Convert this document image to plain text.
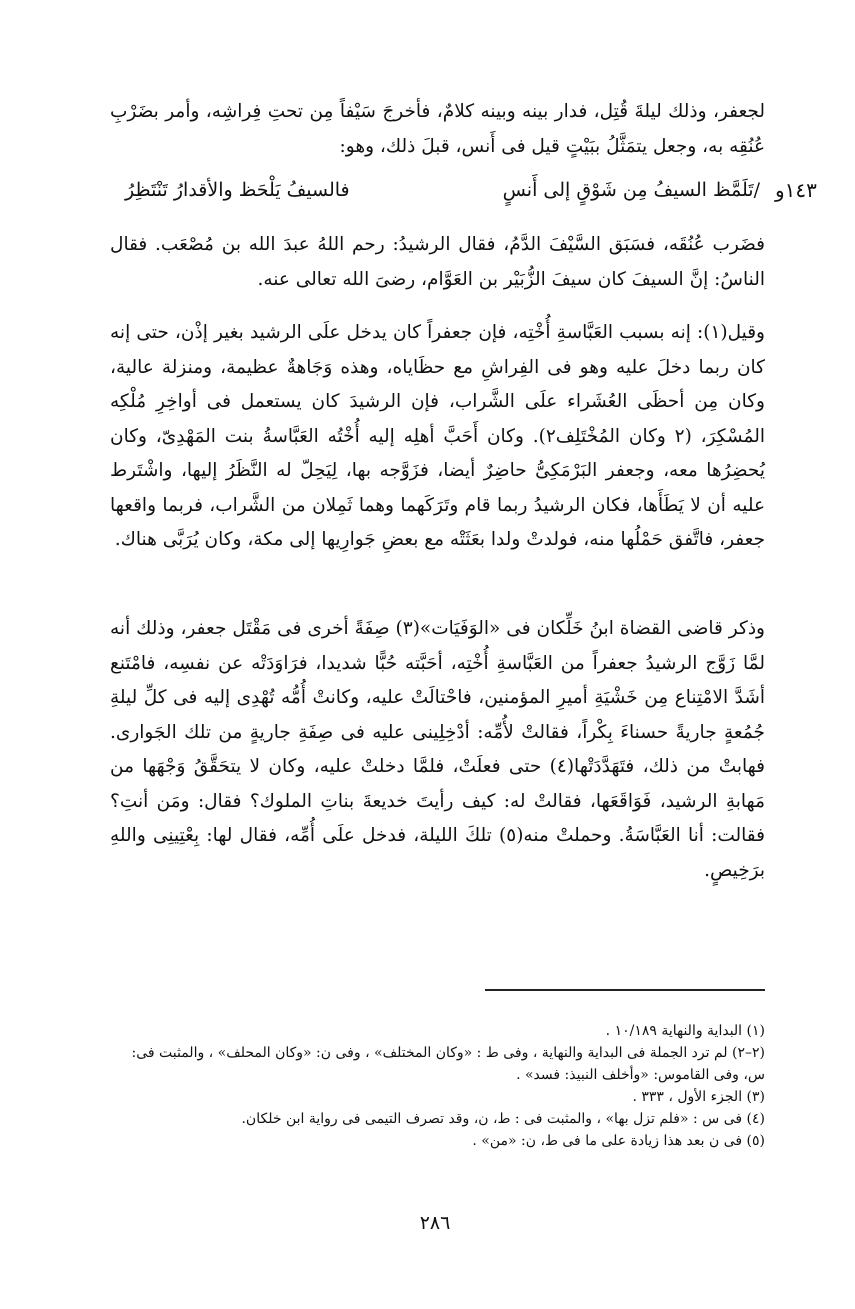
لجعفر، وذلك ليلةَ قُتِل، فدار بينه وبينه كلامٌ، فأخرجَ سَيْفاً مِن تحتِ فِراشِه، وأمر بضَرْبِ عُنُقِه به، وجعل يتمَثَّلُ ببَيْتٍ قيل فى أَنس، قبلَ ذلك، وهو:
١٤٣و
/تَلَمَّظ السيفُ مِن شَوْقٍ إلى أَنسٍ
فالسيفُ يَلْحَظ والأقدارُ تَنْتَظِرُ
فضَرب عُنُقَه، فسَبَق السَّيْفَ الدَّمُ، فقال الرشيدُ: رحم اللهُ عبدَ الله بن مُصْعَب. فقال الناسُ: إنَّ السيفَ كان سيفَ الزُّبَيْر بن العَوَّام، رضىَ الله تعالى عنه.
وقيل(١): إنه بسبب العَبَّاسةِ أُخْتِه، فإن جعفراً كان يدخل علَى الرشيد بغير إذْن، حتى إنه كان ربما دخلَ عليه وهو فى الفِراشِ مع حظَاياه، وهذه وَجَاهةٌ عظيمة، ومنزلة عالية، وكان مِن أحظَى العُشَراء علَى الشَّراب، فإن الرشيدَ كان يستعمل فى أواخِرِ مُلْكِه المُسْكِرَ، (٢ وكان المُخْتَلِف٢). وكان أَحَبَّ أهلِه إليه أُخْتُه العَبَّاسةُ بنت المَهْدِىّ، وكان يُحضِرُها معه، وجعفر البَرْمَكِىُّ حاضِرٌ أيضا، فزَوَّجه بها، لِيَحِلّ له النَّظَرُ إليها، واشْتَرط عليه أن لا يَطَأَها، فكان الرشيدُ ربما قام وتَرَكَهما وهما ثَمِلان من الشَّراب، فربما واقعها جعفر، فاتَّفق حَمْلُها منه، فولدتْ ولدا بعَثَتْه مع بعضِ جَوارِيها إلى مكة، وكان يُرَبَّى هناك.
وذكر قاضى القضاة ابنُ خَلِّكان فى «الوَفَيَات»(٣) صِفَةً أخرى فى مَقْتَل جعفر، وذلك أنه لمَّا زَوَّج الرشيدُ جعفراً من العَبَّاسةِ أُخْتِه، أحَبَّته حُبًّا شديدا، فرَاوَدَتْه عن نفسِه، فامْتَنع أشَدَّ الامْتِناع مِن خَشْيَةِ أميرِ المؤمنين، فاحْتالَتْ عليه، وكانتْ أُمُّه تُهْدِى إليه فى كلِّ ليلةِ جُمُعةٍ جاريةً حسناءَ بِكْراً، فقالتْ لأُمِّه: أدْخِلِينى عليه فى صِفَةِ جاريةٍ من تلك الجَوارى. فهابتْ من ذلك، فتَهَدَّدَتْها(٤) حتى فعلَتْ، فلمَّا دخلتْ عليه، وكان لا يتحَقَّقُ وَجْهَها من مَهابةِ الرشيد، فَوَاقَعَها، فقالتْ له: كيف رأيتَ خديعةَ بناتِ الملوك؟ فقال: ومَن أنتِ؟ فقالت: أنا العَبَّاسَةُ. وحملتْ منه(٥) تلكَ الليلة، فدخل علَى أُمِّه، فقال لها: بِعْتِينِى واللهِ برَخِيصٍ.
(١) البداية والنهاية ١٠/١٨٩ .
(٢–٢) لم ترد الجملة فى البداية والنهاية ، وفى ط : «وكان المختلف» ، وفى ن: «وكان المحلف» ، والمثبت فى: س، وفى القاموس: «وأخلف النبيذ: فسد» .
(٣) الجزء الأول ، ٣٣٣ .
(٤) فى س : «فلم تزل بها» ، والمثبت فى : ط، ن، وقد تصرف التيمى فى رواية ابن خلكان.
(٥) فى ن بعد هذا زيادة على ما فى ط، ن: «من» .
٢٨٦
